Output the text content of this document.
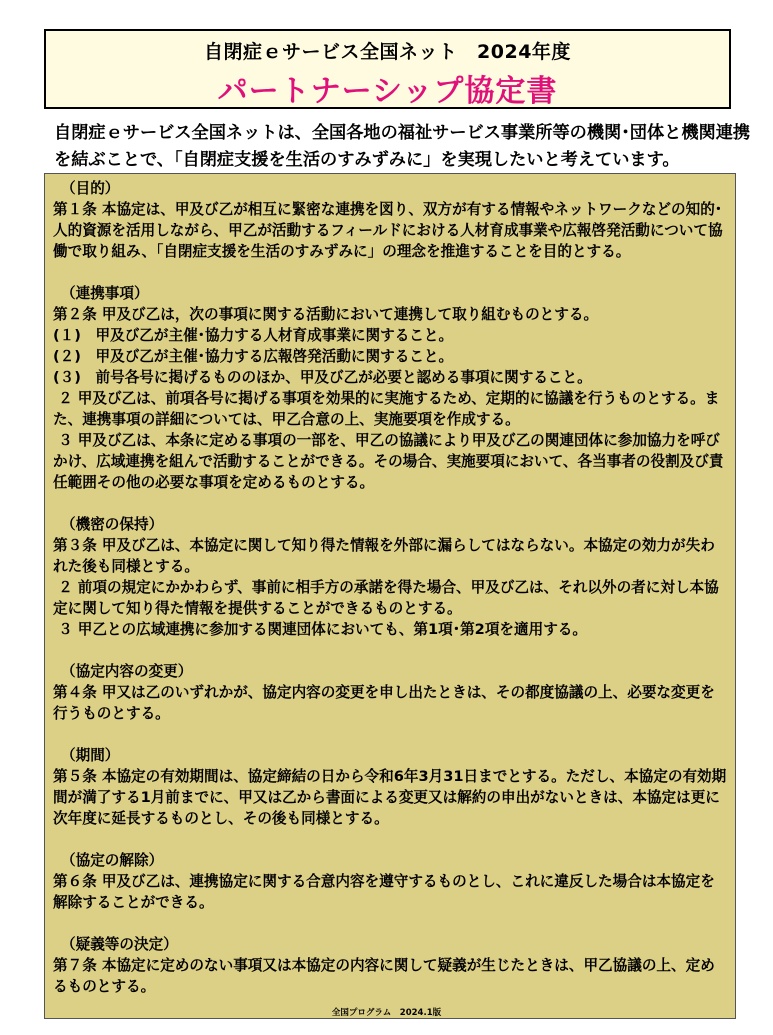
自閉症ｅサービス全国ネット　2024年度
パートナーシップ協定書
自閉症ｅサービス全国ネットは、全国各地の福祉サービス事業所等の機関･団体と機関連携を結ぶことで、「自閉症支援を生活のすみずみに」を実現したいと考えています。
（目的）
第１条 本協定は、甲及び乙が相互に緊密な連携を図り、双方が有する情報やネットワークなどの知的･人的資源を活用しながら、甲乙が活動するフィールドにおける人材育成事業や広報啓発活動について協働で取り組み、「自閉症支援を生活のすみずみに」の理念を推進することを目的とする。
（連携事項）
第２条 甲及び乙は，次の事項に関する活動において連携して取り組むものとする。
(１)　甲及び乙が主催･協力する人材育成事業に関すること。
(２)　甲及び乙が主催･協力する広報啓発活動に関すること。
(３)　前号各号に掲げるもののほか、甲及び乙が必要と認める事項に関すること。
２ 甲及び乙は、前項各号に掲げる事項を効果的に実施するため、定期的に協議を行うものとする。また、連携事項の詳細については、甲乙合意の上、実施要項を作成する。
３ 甲及び乙は、本条に定める事項の一部を、甲乙の協議により甲及び乙の関連団体に参加協力を呼びかけ、広域連携を組んで活動することができる。その場合、実施要項において、各当事者の役割及び責任範囲その他の必要な事項を定めるものとする。
（機密の保持）
第３条 甲及び乙は、本協定に関して知り得た情報を外部に漏らしてはならない。本協定の効力が失われた後も同様とする。
２ 前項の規定にかかわらず、事前に相手方の承諾を得た場合、甲及び乙は、それ以外の者に対し本協定に関して知り得た情報を提供することができるものとする。
３ 甲乙との広域連携に参加する関連団体においても、第1項･第2項を適用する。
（協定内容の変更）
第４条 甲又は乙のいずれかが、協定内容の変更を申し出たときは、その都度協議の上、必要な変更を行うものとする。
（期間）
第５条 本協定の有効期間は、協定締結の日から令和6年3月31日までとする。ただし、本協定の有効期間が満了する1月前までに、甲又は乙から書面による変更又は解約の申出がないときは、本協定は更に次年度に延長するものとし、その後も同様とする。
（協定の解除）
第６条 甲及び乙は、連携協定に関する合意内容を遵守するものとし、これに違反した場合は本協定を解除することができる。
（疑義等の決定）
第７条 本協定に定めのない事項又は本協定の内容に関して疑義が生じたときは、甲乙協議の上、定めるものとする。
全国プログラム　2024.1版
